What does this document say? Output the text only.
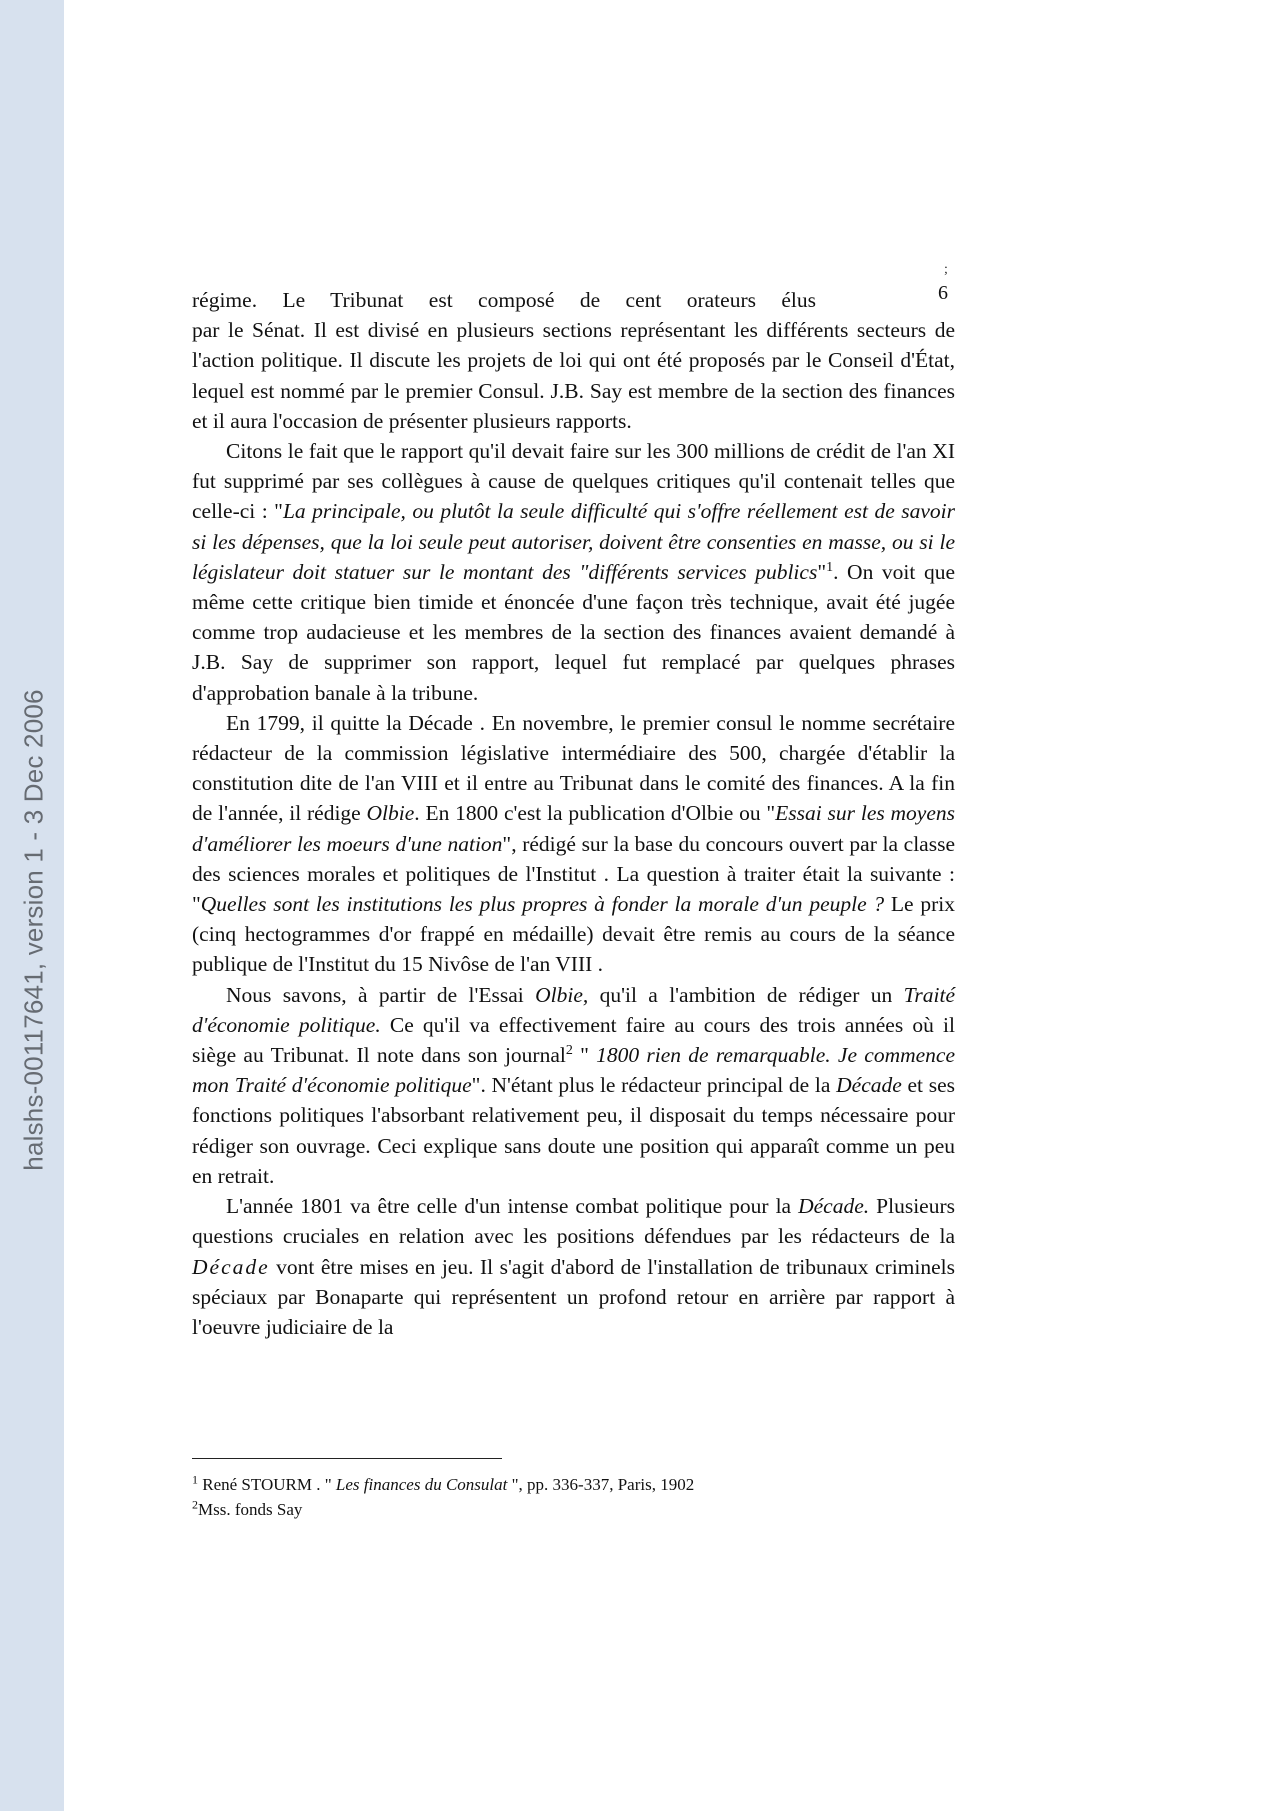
halshs-00117641, version 1 - 3 Dec 2006
;
6

régime. Le Tribunat est composé de cent orateurs élus
par le Sénat. Il est divisé en plusieurs sections représentant les différents secteurs de l'action politique. Il discute les projets de loi qui ont été proposés par le Conseil d'État, lequel est nommé par le premier Consul. J.B. Say est membre de la section des finances et il aura l'occasion de présenter plusieurs rapports.

Citons le fait que le rapport qu'il devait faire sur les 300 millions de crédit de l'an XI fut supprimé par ses collègues à cause de quelques critiques qu'il contenait telles que celle-ci : "La principale, ou plutôt la seule difficulté qui s'offre réellement est de savoir si les dépenses, que la loi seule peut autoriser, doivent être consenties en masse, ou si le législateur doit statuer sur le montant des "différents services publics"$^1$. On voit que même cette critique bien timide et énoncée d'une façon très technique, avait été jugée comme trop audacieuse et les membres de la section des finances avaient demandé à J.B. Say de supprimer son rapport, lequel fut remplacé par quelques phrases d'approbation banale à la tribune.

En 1799, il quitte la Décade . En novembre, le premier consul le nomme secrétaire rédacteur de la commission législative intermédiaire des 500, chargée d'établir la constitution dite de l'an VIII et il entre au Tribunat dans le comité des finances. A la fin de l'année, il rédige Olbie. En 1800 c'est la publication d'Olbie ou "Essai sur les moyens d'améliorer les moeurs d'une nation", rédigé sur la base du concours ouvert par la classe des sciences morales et politiques de l'Institut . La question à traiter était la suivante : "Quelles sont les institutions les plus propres à fonder la morale d'un peuple ? Le prix (cinq hectogrammes d'or frappé en médaille) devait être remis au cours de la séance publique de l'Institut du 15 Nivôse de l'an VIII .

Nous savons, à partir de l'Essai Olbie, qu'il a l'ambition de rédiger un Traité d'économie politique. Ce qu'il va effectivement faire au cours des trois années où il siège au Tribunat. Il note dans son journal$^2$ " 1800 rien de remarquable. Je commence mon Traité d'économie politique". N'étant plus le rédacteur principal de la Décade et ses fonctions politiques l'absorbant relativement peu, il disposait du temps nécessaire pour rédiger son ouvrage. Ceci explique sans doute une position qui apparaît comme un peu en retrait.

L'année 1801 va être celle d'un intense combat politique pour la Décade. Plusieurs questions cruciales en relation avec les positions défendues par les rédacteurs de la Décade vont être mises en jeu. Il s'agit d'abord de l'installation de tribunaux criminels spéciaux par Bonaparte qui représentent un profond retour en arrière par rapport à l'oeuvre judiciaire de la

$^1$ René STOURM . " Les finances du Consulat ", pp. 336-337, Paris, 1902

$^2$Mss. fonds Say
